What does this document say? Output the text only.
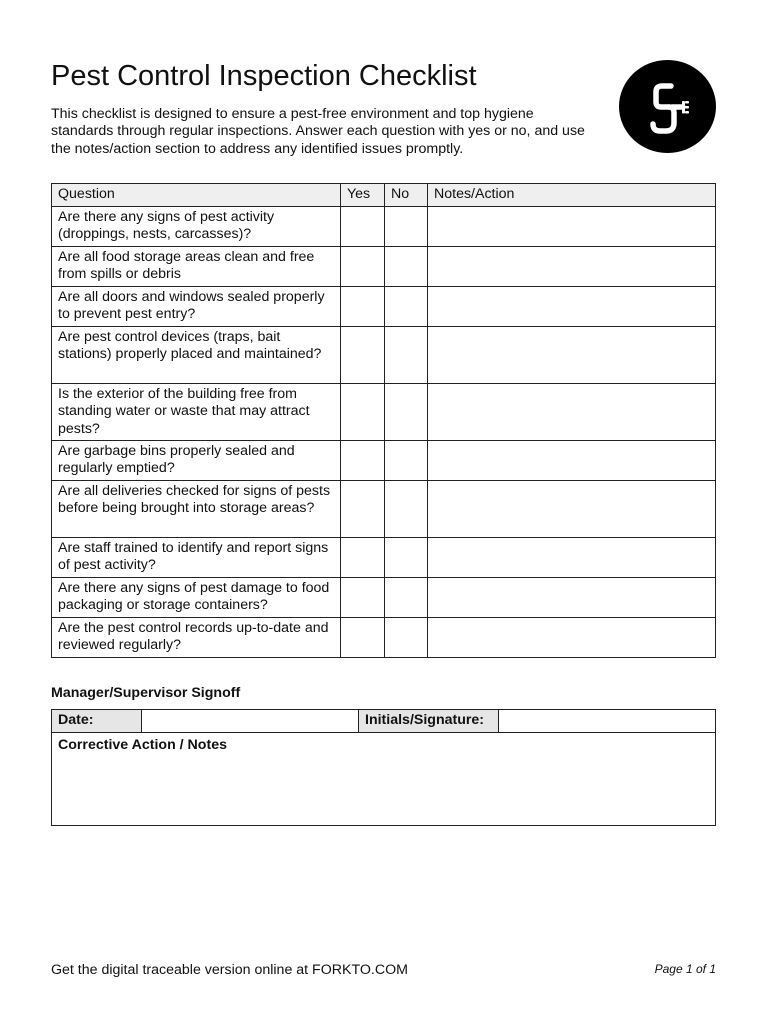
Pest Control Inspection Checklist

This checklist is designed to ensure a pest-free environment and top hygiene standards through regular inspections. Answer each question with yes or no, and use the notes/action section to address any identified issues promptly.

Question	Yes	No	Notes/Action
Are there any signs of pest activity (droppings, nests, carcasses)?			
Are all food storage areas clean and free from spills or debris			
Are all doors and windows sealed properly to prevent pest entry?			
Are pest control devices (traps, bait stations) properly placed and maintained?			
Is the exterior of the building free from standing water or waste that may attract pests?			
Are garbage bins properly sealed and regularly emptied?			
Are all deliveries checked for signs of pests before being brought into storage areas?			
Are staff trained to identify and report signs of pest activity?			
Are there any signs of pest damage to food packaging or storage containers?			
Are the pest control records up-to-date and reviewed regularly?			
Manager/Supervisor Signoff
Date:	Initials/Signature:
Corrective Action / Notes
Get the digital traceable version online at FORKTO.COM	Page 1 of 1
